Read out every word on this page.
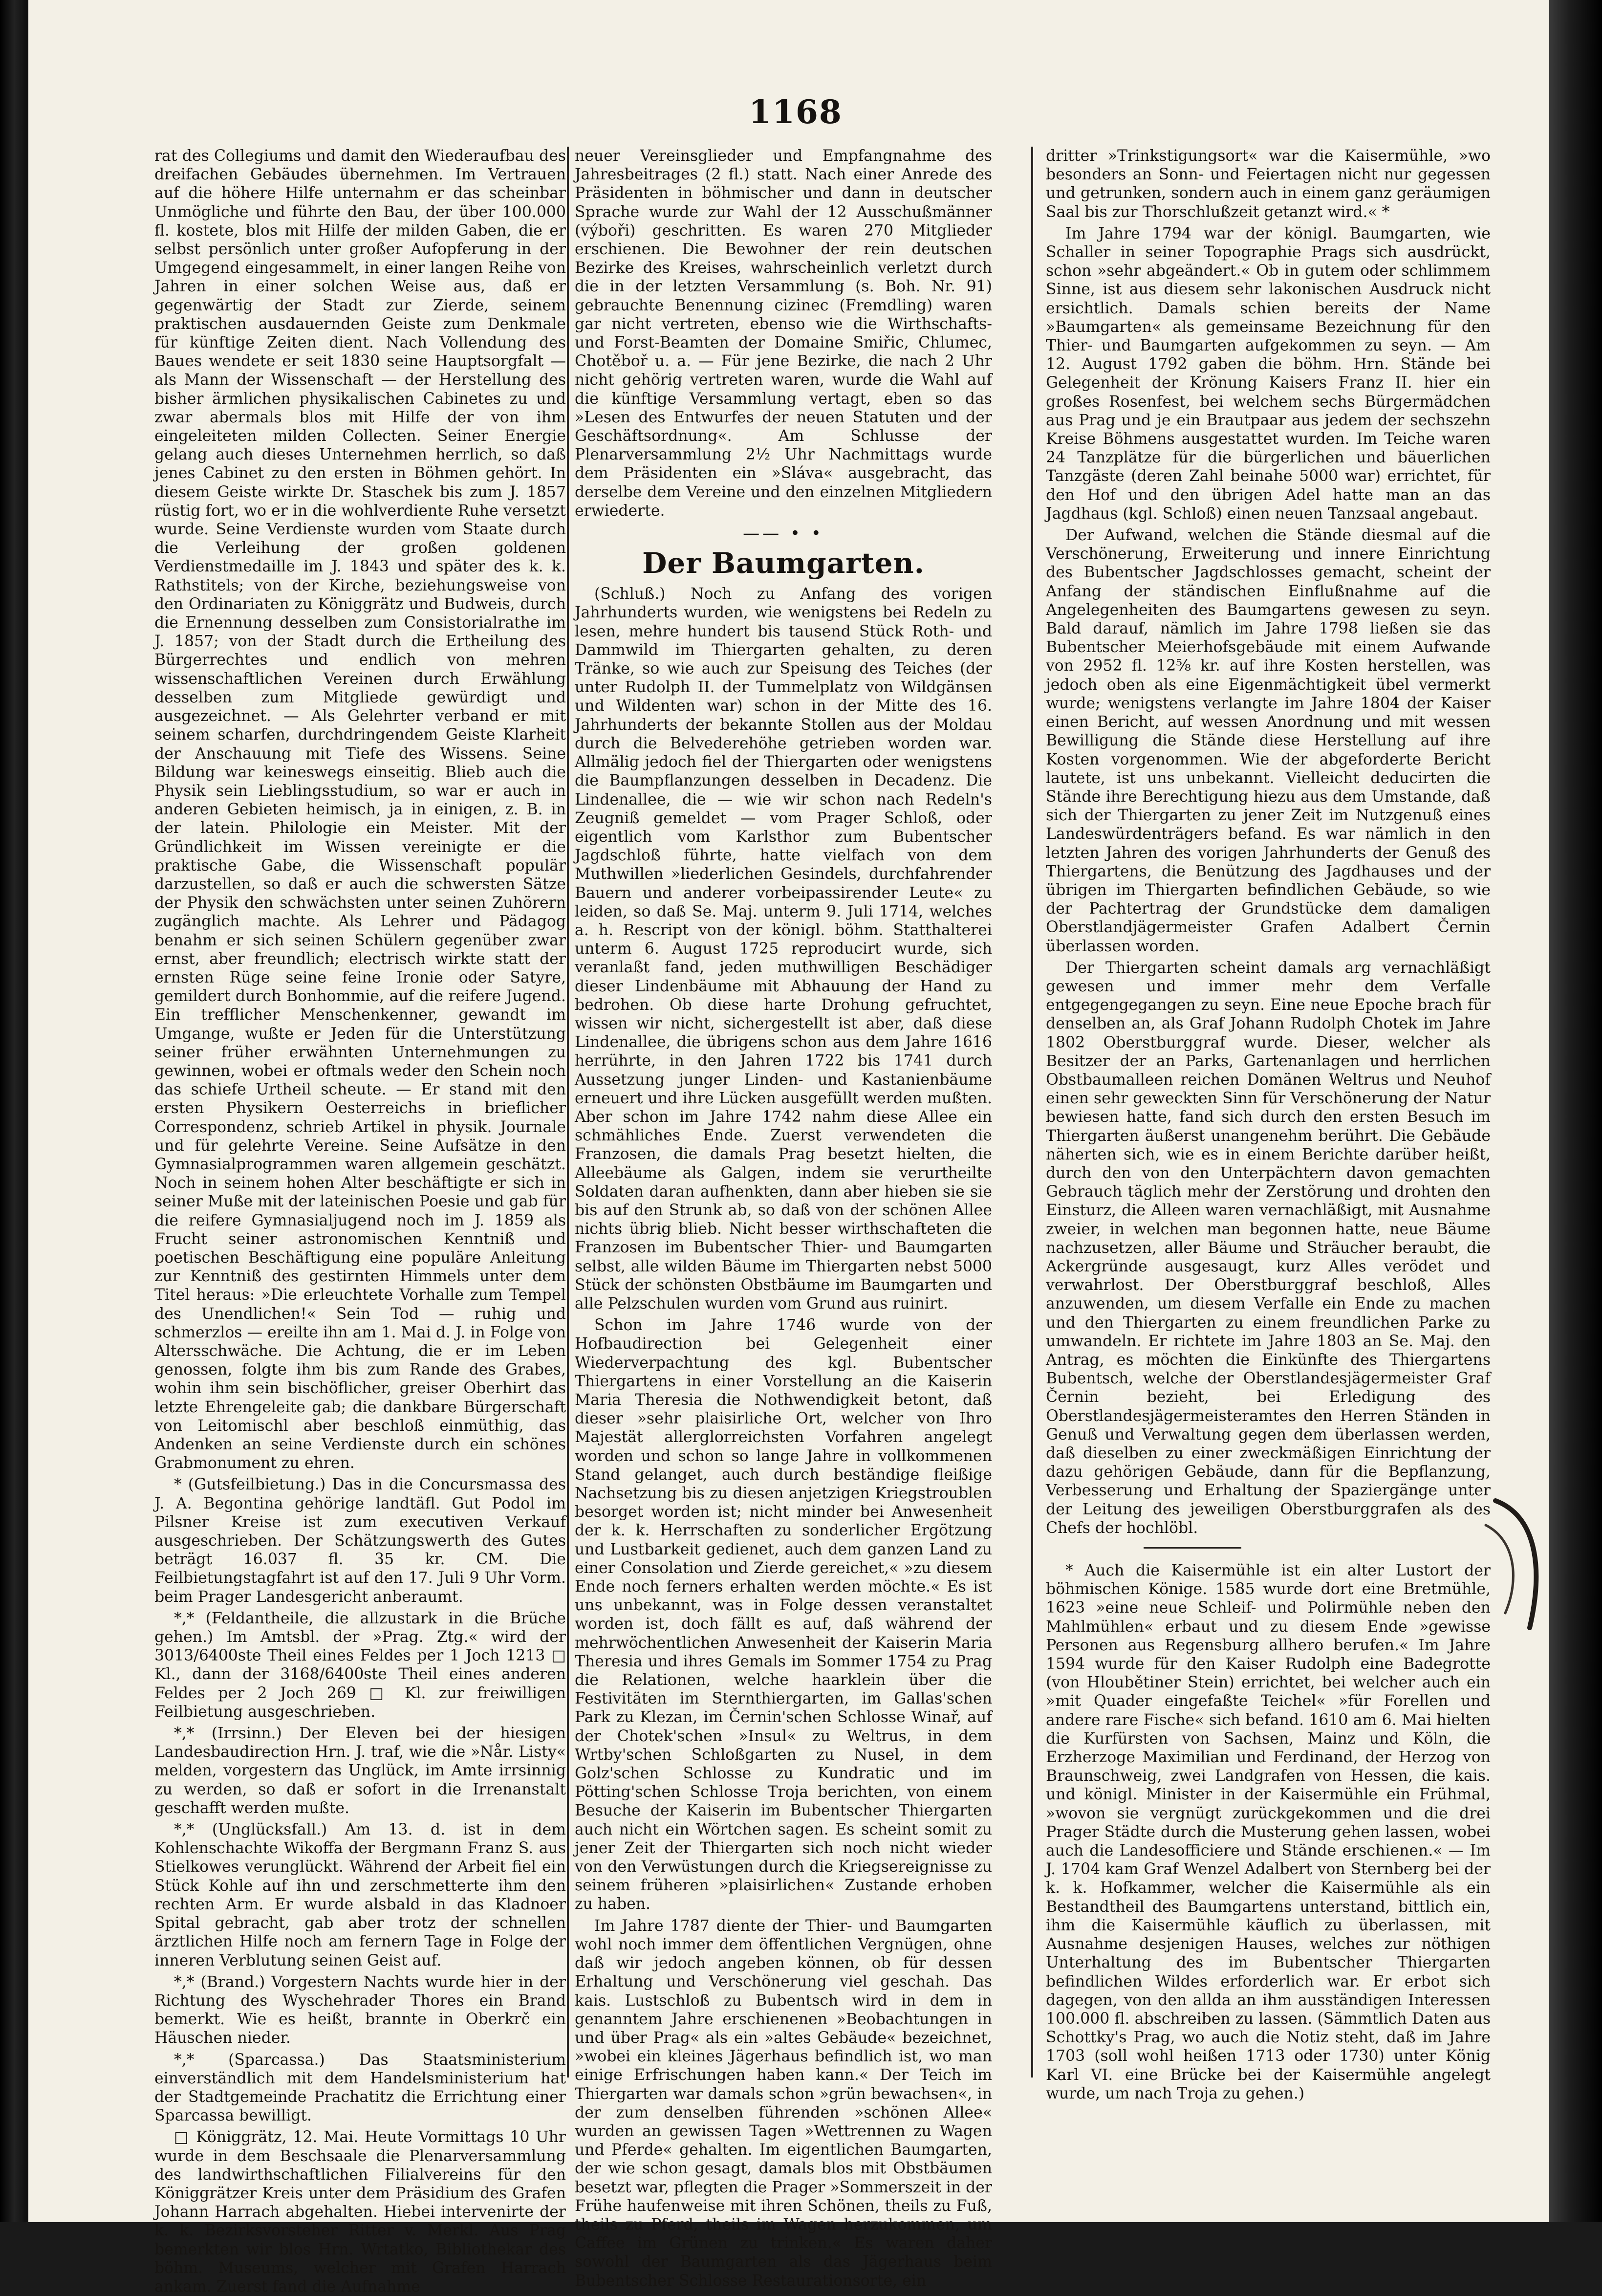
1168

rat des Collegiums und damit den Wiederaufbau des dreifachen Gebäudes übernehmen. Im Vertrauen auf die höhere Hilfe unternahm er das scheinbar Unmögliche und führte den Bau, der über 100.000 fl. kostete, blos mit Hilfe der milden Gaben, die er selbst persönlich unter großer Aufopferung in der Umgegend eingesammelt, in einer langen Reihe von Jahren in einer solchen Weise aus, daß er gegenwärtig der Stadt zur Zierde, seinem praktischen ausdauernden Geiste zum Denkmale für künftige Zeiten dient. Nach Vollendung des Baues wendete er seit 1830 seine Hauptsorgfalt — als Mann der Wissenschaft — der Herstellung des bisher ärmlichen physikalischen Cabinetes zu und zwar abermals blos mit Hilfe der von ihm eingeleiteten milden Collecten. Seiner Energie gelang auch dieses Unternehmen herrlich, so daß jenes Cabinet zu den ersten in Böhmen gehört. In diesem Geiste wirkte Dr. Staschek bis zum J. 1857 rüstig fort, wo er in die wohlverdiente Ruhe versetzt wurde. Seine Verdienste wurden vom Staate durch die Verleihung der großen goldenen Verdienstmedaille im J. 1843 und später des k. k. Rathstitels; von der Kirche, beziehungsweise von den Ordinariaten zu Königgrätz und Budweis, durch die Ernennung desselben zum Consistorialrathe im J. 1857; von der Stadt durch die Ertheilung des Bürgerrechtes und endlich von mehren wissenschaftlichen Vereinen durch Erwählung desselben zum Mitgliede gewürdigt und ausgezeichnet. — Als Gelehrter verband er mit seinem scharfen, durchdringendem Geiste Klarheit der Anschauung mit Tiefe des Wissens. Seine Bildung war keineswegs einseitig. Blieb auch die Physik sein Lieblingsstudium, so war er auch in anderen Gebieten heimisch, ja in einigen, z. B. in der latein. Philologie ein Meister. Mit der Gründlichkeit im Wissen vereinigte er die praktische Gabe, die Wissenschaft populär darzustellen, so daß er auch die schwersten Sätze der Physik den schwächsten unter seinen Zuhörern zugänglich machte. Als Lehrer und Pädagog benahm er sich seinen Schülern gegenüber zwar ernst, aber freundlich; electrisch wirkte statt der ernsten Rüge seine feine Ironie oder Satyre, gemildert durch Bonhommie, auf die reifere Jugend. Ein trefflicher Menschenkenner, gewandt im Umgange, wußte er Jeden für die Unterstützung seiner früher erwähnten Unternehmungen zu gewinnen, wobei er oftmals weder den Schein noch das schiefe Urtheil scheute. — Er stand mit den ersten Physikern Oesterreichs in brieflicher Correspondenz, schrieb Artikel in physik. Journale und für gelehrte Vereine. Seine Aufsätze in den Gymnasialprogrammen waren allgemein geschätzt. Noch in seinem hohen Alter beschäftigte er sich in seiner Muße mit der lateinischen Poesie und gab für die reifere Gymnasialjugend noch im J. 1859 als Frucht seiner astronomischen Kenntniß und poetischen Beschäftigung eine populäre Anleitung zur Kenntniß des gestirnten Himmels unter dem Titel heraus: »Die erleuchtete Vorhalle zum Tempel des Unendlichen!« Sein Tod — ruhig und schmerzlos — ereilte ihn am 1. Mai d. J. in Folge von Altersschwäche. Die Achtung, die er im Leben genossen, folgte ihm bis zum Rande des Grabes, wohin ihm sein bischöflicher, greiser Oberhirt das letzte Ehrengeleite gab; die dankbare Bürgerschaft von Leitomischl aber beschloß einmüthig, das Andenken an seine Verdienste durch ein schönes Grabmonument zu ehren.

* (Gutsfeilbietung.) Das in die Concursmassa des J. A. Begontina gehörige landtäfl. Gut Podol im Pilsner Kreise ist zum executiven Verkauf ausgeschrieben. Der Schätzungswerth des Gutes beträgt 16.037 fl. 35 kr. CM. Die Feilbietungstagfahrt ist auf den 17. Juli 9 Uhr Vorm. beim Prager Landesgericht anberaumt.

*,* (Feldantheile, die allzustark in die Brüche gehen.) Im Amtsbl. der »Prag. Ztg.« wird der 3013/6400ste Theil eines Feldes per 1 Joch 1213 □ Kl., dann der 3168/6400ste Theil eines anderen Feldes per 2 Joch 269 □ Kl. zur freiwilligen Feilbietung ausgeschrieben.

*,* (Irrsinn.) Der Eleven bei der hiesigen Landesbaudirection Hrn. J. traf, wie die »Når. Listy« melden, vorgestern das Unglück, im Amte irrsinnig zu werden, so daß er sofort in die Irrenanstalt geschafft werden mußte.

*,* (Unglücksfall.) Am 13. d. ist in dem Kohlenschachte Wikoffa der Bergmann Franz S. aus Stielkowes verunglückt. Während der Arbeit fiel ein Stück Kohle auf ihn und zerschmetterte ihm den rechten Arm. Er wurde alsbald in das Kladnoer Spital gebracht, gab aber trotz der schnellen ärztlichen Hilfe noch am fernern Tage in Folge der inneren Verblutung seinen Geist auf.

*,* (Brand.) Vorgestern Nachts wurde hier in der Richtung des Wyschehrader Thores ein Brand bemerkt. Wie es heißt, brannte in Oberkrč ein Häuschen nieder.

*,* (Sparcassa.) Das Staatsministerium einverständlich mit dem Handelsministerium hat der Stadtgemeinde Prachatitz die Errichtung einer Sparcassa bewilligt.

□ Königgrätz, 12. Mai. Heute Vormittags 10 Uhr wurde in dem Beschsaale die Plenarversammlung des landwirthschaftlichen Filialvereins für den Königgrätzer Kreis unter dem Präsidium des Grafen Johann Harrach abgehalten. Hiebei intervenirte der k. k. Bezirksvorsteher Ritter v. Merkl. Aus Prag bemerkten wir blos Hrn. Wrtatko, Bibliothekar des böhm. Museums, welcher mit Grafen Harrach ankam. Zuerst fand die Aufnahme

neuer Vereinsglieder und Empfangnahme des Jahresbeitrages (2 fl.) statt. Nach einer Anrede des Präsidenten in böhmischer und dann in deutscher Sprache wurde zur Wahl der 12 Ausschußmänner (výboři) geschritten. Es waren 270 Mitglieder erschienen. Die Bewohner der rein deutschen Bezirke des Kreises, wahrscheinlich verletzt durch die in der letzten Versammlung (s. Boh. Nr. 91) gebrauchte Benennung cizinec (Fremdling) waren gar nicht vertreten, ebenso wie die Wirthschafts- und Forst-Beamten der Domaine Smiřic, Chlumec, Chotěboř u. a. — Für jene Bezirke, die nach 2 Uhr nicht gehörig vertreten waren, wurde die Wahl auf die künftige Versammlung vertagt, eben so das »Lesen des Entwurfes der neuen Statuten und der Geschäftsordnung«. Am Schlusse der Plenarversammlung 2½ Uhr Nachmittags wurde dem Präsidenten ein »Sláva« ausgebracht, das derselbe dem Vereine und den einzelnen Mitgliedern erwiederte.

—— • •
Der Baumgarten.

(Schluß.) Noch zu Anfang des vorigen Jahrhunderts wurden, wie wenigstens bei Redeln zu lesen, mehre hundert bis tausend Stück Roth- und Dammwild im Thiergarten gehalten, zu deren Tränke, so wie auch zur Speisung des Teiches (der unter Rudolph II. der Tummelplatz von Wildgänsen und Wildenten war) schon in der Mitte des 16. Jahrhunderts der bekannte Stollen aus der Moldau durch die Belvederehöhe getrieben worden war. Allmälig jedoch fiel der Thiergarten oder wenigstens die Baumpflanzungen desselben in Decadenz. Die Lindenallee, die — wie wir schon nach Redeln's Zeugniß gemeldet — vom Prager Schloß, oder eigentlich vom Karlsthor zum Bubentscher Jagdschloß führte, hatte vielfach von dem Muthwillen »liederlichen Gesindels, durchfahrender Bauern und anderer vorbeipassirender Leute« zu leiden, so daß Se. Maj. unterm 9. Juli 1714, welches a. h. Rescript von der königl. böhm. Statthalterei unterm 6. August 1725 reproducirt wurde, sich veranlaßt fand, jeden muthwilligen Beschädiger dieser Lindenbäume mit Abhauung der Hand zu bedrohen. Ob diese harte Drohung gefruchtet, wissen wir nicht, sichergestellt ist aber, daß diese Lindenallee, die übrigens schon aus dem Jahre 1616 herrührte, in den Jahren 1722 bis 1741 durch Aussetzung junger Linden- und Kastanienbäume erneuert und ihre Lücken ausgefüllt werden mußten. Aber schon im Jahre 1742 nahm diese Allee ein schmähliches Ende. Zuerst verwendeten die Franzosen, die damals Prag besetzt hielten, die Alleebäume als Galgen, indem sie verurtheilte Soldaten daran aufhenkten, dann aber hieben sie sie bis auf den Strunk ab, so daß von der schönen Allee nichts übrig blieb. Nicht besser wirthschafteten die Franzosen im Bubentscher Thier- und Baumgarten selbst, alle wilden Bäume im Thiergarten nebst 5000 Stück der schönsten Obstbäume im Baumgarten und alle Pelzschulen wurden vom Grund aus ruinirt.

Schon im Jahre 1746 wurde von der Hofbaudirection bei Gelegenheit einer Wiederverpachtung des kgl. Bubentscher Thiergartens in einer Vorstellung an die Kaiserin Maria Theresia die Nothwendigkeit betont, daß dieser »sehr plaisirliche Ort, welcher von Ihro Majestät allerglorreichsten Vorfahren angelegt worden und schon so lange Jahre in vollkommenen Stand gelanget, auch durch beständige fleißige Nachsetzung bis zu diesen anjetzigen Kriegstroublen besorget worden ist; nicht minder bei Anwesenheit der k. k. Herrschaften zu sonderlicher Ergötzung und Lustbarkeit gedienet, auch dem ganzen Land zu einer Consolation und Zierde gereichet,« »zu diesem Ende noch ferners erhalten werden möchte.« Es ist uns unbekannt, was in Folge dessen veranstaltet worden ist, doch fällt es auf, daß während der mehrwöchentlichen Anwesenheit der Kaiserin Maria Theresia und ihres Gemals im Sommer 1754 zu Prag die Relationen, welche haarklein über die Festivitäten im Sternthiergarten, im Gallas'schen Park zu Klezan, im Černin'schen Schlosse Winař, auf der Chotek'schen »Insul« zu Weltrus, in dem Wrtby'schen Schloßgarten zu Nusel, in dem Golz'schen Schlosse zu Kundratic und im Pötting'schen Schlosse Troja berichten, von einem Besuche der Kaiserin im Bubentscher Thiergarten auch nicht ein Wörtchen sagen. Es scheint somit zu jener Zeit der Thiergarten sich noch nicht wieder von den Verwüstungen durch die Kriegsereignisse zu seinem früheren »plaisirlichen« Zustande erhoben zu haben.

Im Jahre 1787 diente der Thier- und Baumgarten wohl noch immer dem öffentlichen Vergnügen, ohne daß wir jedoch angeben können, ob für dessen Erhaltung und Verschönerung viel geschah. Das kais. Lustschloß zu Bubentsch wird in dem in genanntem Jahre erschienenen »Beobachtungen in und über Prag« als ein »altes Gebäude« bezeichnet, »wobei ein kleines Jägerhaus befindlich ist, wo man einige Erfrischungen haben kann.« Der Teich im Thiergarten war damals schon »grün bewachsen«, in der zum denselben führenden »schönen Allee« wurden an gewissen Tagen »Wettrennen zu Wagen und Pferde« gehalten. Im eigentlichen Baumgarten, der wie schon gesagt, damals blos mit Obstbäumen besetzt war, pflegten die Prager »Sommerszeit in der Frühe haufenweise mit ihren Schönen, theils zu Fuß, theils zu Pferd, theils im Wagen herzukommen, um Caffee im Grünen zu trinken.« Es waren daher sowohl der Baumgarten als das Jägerhaus beim Bubentscher Schlosse Restaurationsorte, ein

dritter »Trinkstigungsort« war die Kaisermühle, »wo besonders an Sonn- und Feiertagen nicht nur gegessen und getrunken, sondern auch in einem ganz geräumigen Saal bis zur Thorschlußzeit getanzt wird.« *

Im Jahre 1794 war der königl. Baumgarten, wie Schaller in seiner Topographie Prags sich ausdrückt, schon »sehr abgeändert.« Ob in gutem oder schlimmem Sinne, ist aus diesem sehr lakonischen Ausdruck nicht ersichtlich. Damals schien bereits der Name »Baumgarten« als gemeinsame Bezeichnung für den Thier- und Baumgarten aufgekommen zu seyn. — Am 12. August 1792 gaben die böhm. Hrn. Stände bei Gelegenheit der Krönung Kaisers Franz II. hier ein großes Rosenfest, bei welchem sechs Bürgermädchen aus Prag und je ein Brautpaar aus jedem der sechszehn Kreise Böhmens ausgestattet wurden. Im Teiche waren 24 Tanzplätze für die bürgerlichen und bäuerlichen Tanzgäste (deren Zahl beinahe 5000 war) errichtet, für den Hof und den übrigen Adel hatte man an das Jagdhaus (kgl. Schloß) einen neuen Tanzsaal angebaut.

Der Aufwand, welchen die Stände diesmal auf die Verschönerung, Erweiterung und innere Einrichtung des Bubentscher Jagdschlosses gemacht, scheint der Anfang der ständischen Einflußnahme auf die Angelegenheiten des Baumgartens gewesen zu seyn. Bald darauf, nämlich im Jahre 1798 ließen sie das Bubentscher Meierhofsgebäude mit einem Aufwande von 2952 fl. 12⁵⁄₈ kr. auf ihre Kosten herstellen, was jedoch oben als eine Eigenmächtigkeit übel vermerkt wurde; wenigstens verlangte im Jahre 1804 der Kaiser einen Bericht, auf wessen Anordnung und mit wessen Bewilligung die Stände diese Herstellung auf ihre Kosten vorgenommen. Wie der abgeforderte Bericht lautete, ist uns unbekannt. Vielleicht deducirten die Stände ihre Berechtigung hiezu aus dem Umstande, daß sich der Thiergarten zu jener Zeit im Nutzgenuß eines Landeswürdenträgers befand. Es war nämlich in den letzten Jahren des vorigen Jahrhunderts der Genuß des Thiergartens, die Benützung des Jagdhauses und der übrigen im Thiergarten befindlichen Gebäude, so wie der Pachtertrag der Grundstücke dem damaligen Oberstlandjägermeister Grafen Adalbert Černin überlassen worden.

Der Thiergarten scheint damals arg vernachläßigt gewesen und immer mehr dem Verfalle entgegengegangen zu seyn. Eine neue Epoche brach für denselben an, als Graf Johann Rudolph Chotek im Jahre 1802 Oberstburggraf wurde. Dieser, welcher als Besitzer der an Parks, Gartenanlagen und herrlichen Obstbaumalleen reichen Domänen Weltrus und Neuhof einen sehr geweckten Sinn für Verschönerung der Natur bewiesen hatte, fand sich durch den ersten Besuch im Thiergarten äußerst unangenehm berührt. Die Gebäude näherten sich, wie es in einem Berichte darüber heißt, durch den von den Unterpächtern davon gemachten Gebrauch täglich mehr der Zerstörung und drohten den Einsturz, die Alleen waren vernachläßigt, mit Ausnahme zweier, in welchen man begonnen hatte, neue Bäume nachzusetzen, aller Bäume und Sträucher beraubt, die Ackergründe ausgesaugt, kurz Alles verödet und verwahrlost. Der Oberstburggraf beschloß, Alles anzuwenden, um diesem Verfalle ein Ende zu machen und den Thiergarten zu einem freundlichen Parke zu umwandeln. Er richtete im Jahre 1803 an Se. Maj. den Antrag, es möchten die Einkünfte des Thiergartens Bubentsch, welche der Oberstlandesjägermeister Graf Černin bezieht, bei Erledigung des Oberstlandesjägermeisteramtes den Herren Ständen in Genuß und Verwaltung gegen dem überlassen werden, daß dieselben zu einer zweckmäßigen Einrichtung der dazu gehörigen Gebäude, dann für die Bepflanzung, Verbesserung und Erhaltung der Spaziergänge unter der Leitung des jeweiligen Oberstburggrafen als des Chefs der hochlöbl.

* Auch die Kaisermühle ist ein alter Lustort der böhmischen Könige. 1585 wurde dort eine Bretmühle, 1623 »eine neue Schleif- und Polirmühle neben den Mahlmühlen« erbaut und zu diesem Ende »gewisse Personen aus Regensburg allhero berufen.« Im Jahre 1594 wurde für den Kaiser Rudolph eine Badegrotte (von Hloubětiner Stein) errichtet, bei welcher auch ein »mit Quader eingefaßte Teichel« »für Forellen und andere rare Fische« sich befand. 1610 am 6. Mai hielten die Kurfürsten von Sachsen, Mainz und Köln, die Erzherzoge Maximilian und Ferdinand, der Herzog von Braunschweig, zwei Landgrafen von Hessen, die kais. und königl. Minister in der Kaisermühle ein Frühmal, »wovon sie vergnügt zurückgekommen und die drei Prager Städte durch die Musterung gehen lassen, wobei auch die Landesofficiere und Stände erschienen.« — Im J. 1704 kam Graf Wenzel Adalbert von Sternberg bei der k. k. Hofkammer, welcher die Kaisermühle als ein Bestandtheil des Baumgartens unterstand, bittlich ein, ihm die Kaisermühle käuflich zu überlassen, mit Ausnahme desjenigen Hauses, welches zur nöthigen Unterhaltung des im Bubentscher Thiergarten befindlichen Wildes erforderlich war. Er erbot sich dagegen, von den allda an ihm ausständigen Interessen 100.000 fl. abschreiben zu lassen. (Sämmtlich Daten aus Schottky's Prag, wo auch die Notiz steht, daß im Jahre 1703 (soll wohl heißen 1713 oder 1730) unter König Karl VI. eine Brücke bei der Kaisermühle angelegt wurde, um nach Troja zu gehen.)
